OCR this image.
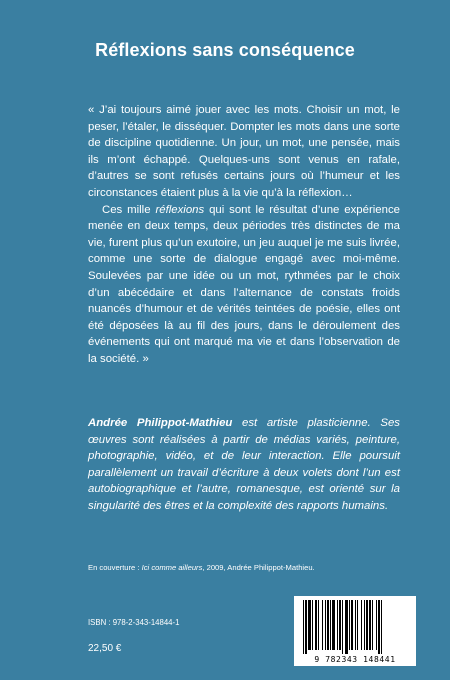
Réflexions sans conséquence

« J’ai toujours aimé jouer avec les mots. Choisir un mot, le peser, l’étaler, le disséquer. Dompter les mots dans une sorte de discipline quotidienne. Un jour, un mot, une pensée, mais ils m’ont échappé. Quelques-uns sont venus en rafale, d’autres se sont refusés certains jours où l’humeur et les circonstances étaient plus à la vie qu’à la réflexion…

Ces mille réflexions qui sont le résultat d’une expérience menée en deux temps, deux périodes très distinctes de ma vie, furent plus qu’un exutoire, un jeu auquel je me suis livrée, comme une sorte de dialogue engagé avec moi-même. Soulevées par une idée ou un mot, rythmées par le choix d’un abécédaire et dans l’alternance de constats froids nuancés d’humour et de vérités teintées de poésie, elles ont été déposées là au fil des jours, dans le déroulement des événements qui ont marqué ma vie et dans l’observation de la société. »

Andrée Philippot-Mathieu est artiste plasticienne. Ses œuvres sont réalisées à partir de médias variés, peinture, photographie, vidéo, et de leur interaction. Elle poursuit parallèlement un travail d’écriture à deux volets dont l’un est autobiographique et l’autre, romanesque, est orienté sur la singularité des êtres et la complexité des rapports humains.
En couverture : Ici comme ailleurs, 2009, Andrée Philippot-Mathieu.
ISBN : 978-2-343-14844-1
22,50 €
9 782343 148441
